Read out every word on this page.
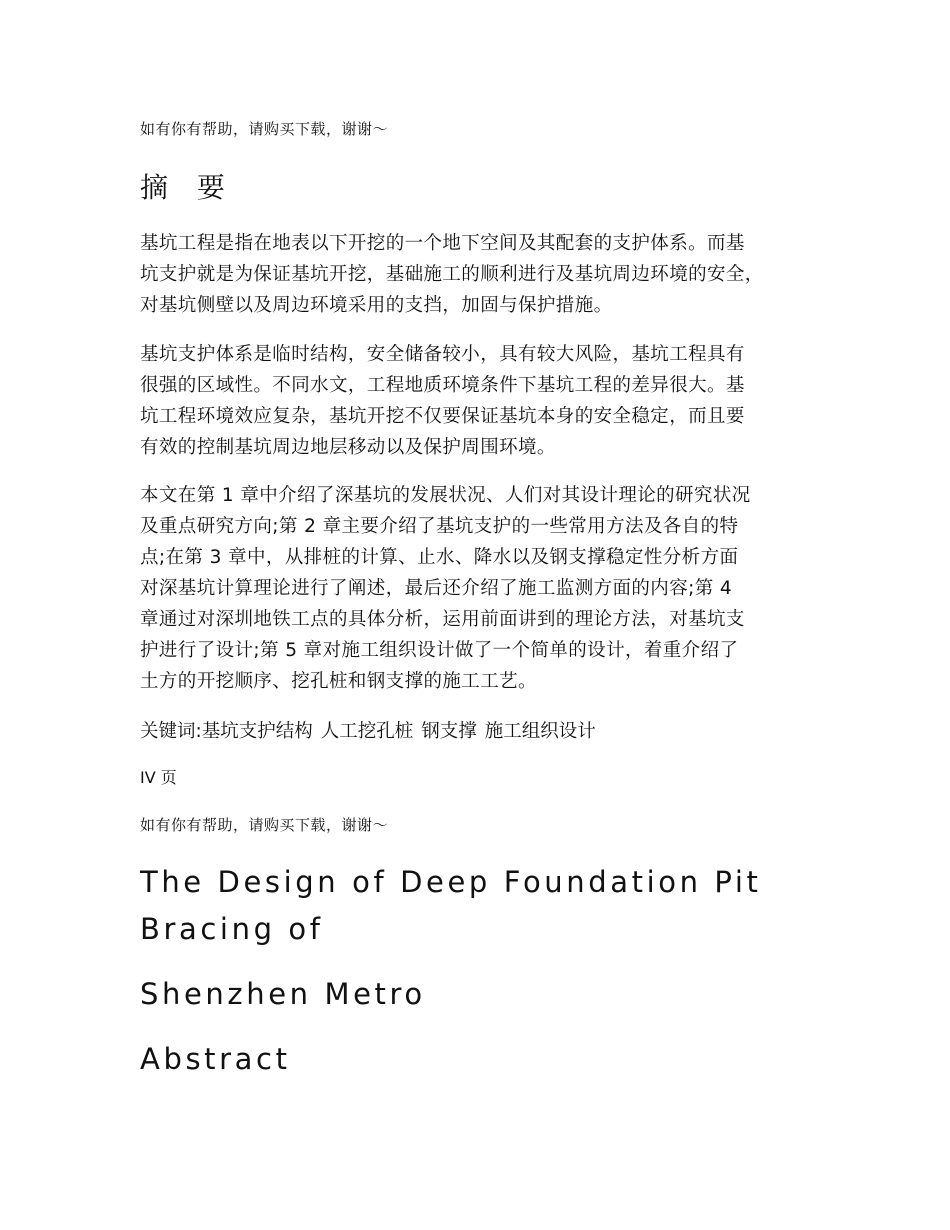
如有你有帮助，请购买下载，谢谢～
摘 要
基坑工程是指在地表以下开挖的一个地下空间及其配套的支护体系。而基
坑支护就是为保证基坑开挖，基础施工的顺利进行及基坑周边环境的安全，
对基坑侧壁以及周边环境采用的支挡，加固与保护措施。
基坑支护体系是临时结构，安全储备较小，具有较大风险，基坑工程具有
很强的区域性。不同水文，工程地质环境条件下基坑工程的差异很大。基
坑工程环境效应复杂，基坑开挖不仅要保证基坑本身的安全稳定，而且要
有效的控制基坑周边地层移动以及保护周围环境。
本文在第 1 章中介绍了深基坑的发展状况、人们对其设计理论的研究状况
及重点研究方向;第 2 章主要介绍了基坑支护的一些常用方法及各自的特
点;在第 3 章中，从排桩的计算、止水、降水以及钢支撑稳定性分析方面
对深基坑计算理论进行了阐述，最后还介绍了施工监测方面的内容;第 4
章通过对深圳地铁工点的具体分析，运用前面讲到的理论方法，对基坑支
护进行了设计;第 5 章对施工组织设计做了一个简单的设计，着重介绍了
土方的开挖顺序、挖孔桩和钢支撑的施工工艺。
关键词:基坑支护结构 人工挖孔桩 钢支撑 施工组织设计
IV 页
如有你有帮助，请购买下载，谢谢～
The Design of Deep Foundation Pit
Bracing of
Shenzhen Metro
Abstract
